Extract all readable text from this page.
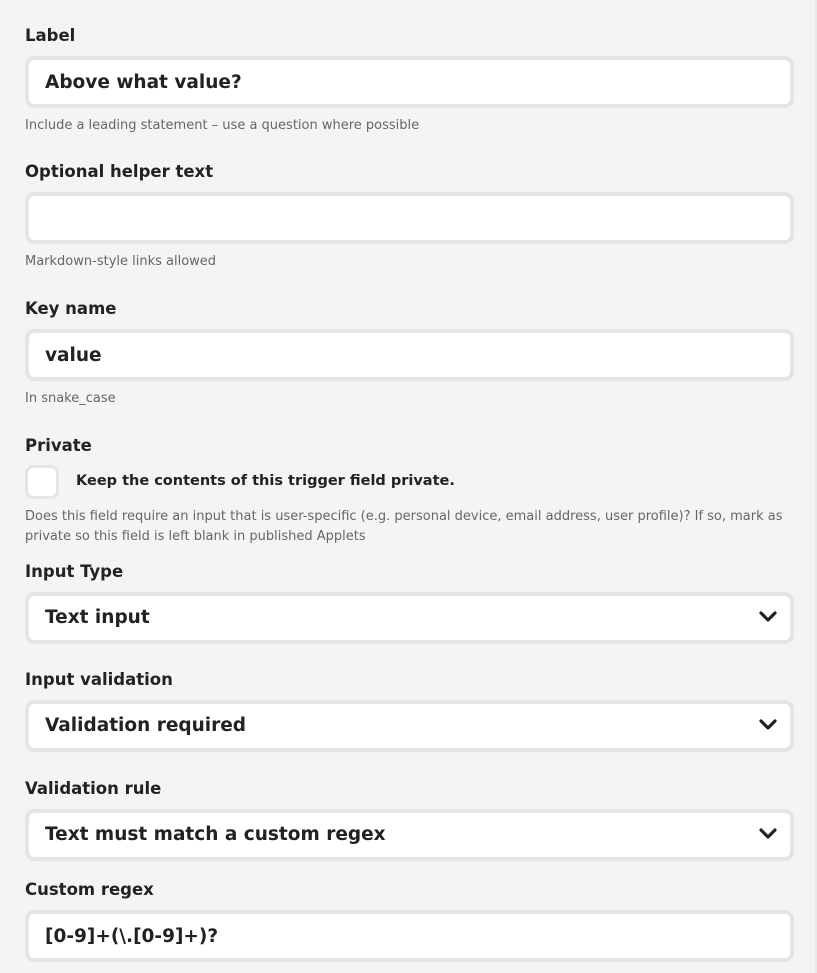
Label
Above what value?
Include a leading statement – use a question where possible
Optional helper text
Markdown-style links allowed
Key name
value
In snake_case
Private
Keep the contents of this trigger field private.
Does this field require an input that is user-specific (e.g. personal device, email address, user profile)? If so, mark as private so this field is left blank in published Applets
Input Type
Text input
Input validation
Validation required
Validation rule
Text must match a custom regex
Custom regex
[0-9]+(\.[0-9]+)?
